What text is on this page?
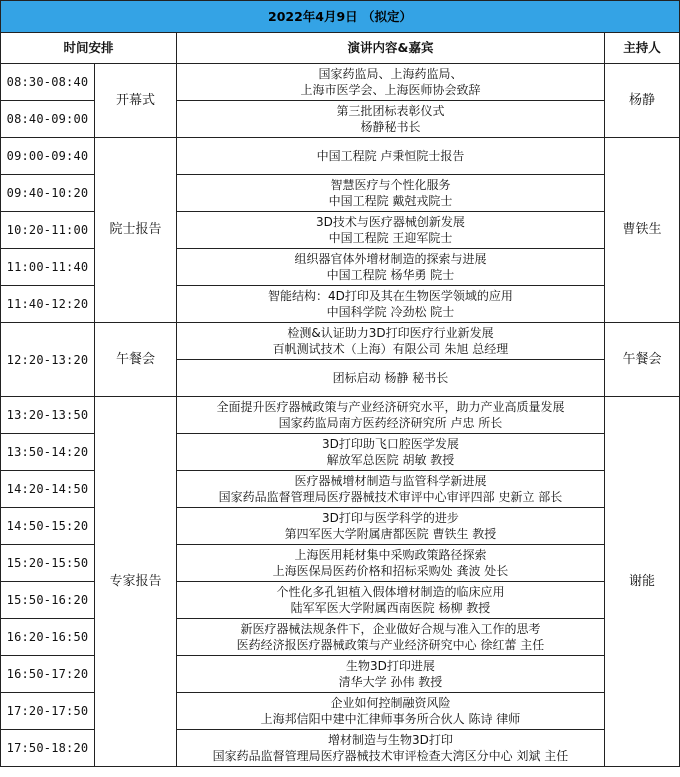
2022年4月9日 （拟定）			
时间安排		演讲内容&嘉宾	主持人
08:30-08:40	开幕式	国家药监局、上海药监局、
上海市医学会、上海医师协会致辞	杨静
08:40-09:00		第三批团标表彰仪式
杨静秘书长	

09:00-09:40	院士报告	中国工程院 卢秉恒院士报告	曹铁生
09:40-10:20		智慧医疗与个性化服务
中国工程院 戴尅戎院士	

10:20-11:00		3D技术与医疗器械创新发展
中国工程院 王迎军院士	

11:00-11:40		组织器官体外增材制造的探索与进展
中国工程院 杨华勇 院士	

11:40-12:20		智能结构：4D打印及其在生物医学领域的应用
中国科学院 冷劲松 院士	

12:20-13:20	午餐会	检测&认证助力3D打印医疗行业新发展
百帆测试技术（上海）有限公司 朱旭 总经理	午餐会

		团标启动 杨静 秘书长	

13:20-13:50	专家报告	全面提升医疗器械政策与产业经济研究水平，助力产业高质量发展
国家药监局南方医药经济研究所 卢忠 所长	谢能
13:50-14:20		3D打印助飞口腔医学发展
解放军总医院 胡敏 教授	

14:20-14:50		医疗器械增材制造与监管科学新进展
国家药品监督管理局医疗器械技术审评中心审评四部 史新立 部长	

14:50-15:20		3D打印与医学科学的进步
第四军医大学附属唐都医院 曹铁生 教授	

15:20-15:50		上海医用耗材集中采购政策路径探索
上海医保局医药价格和招标采购处 龚波 处长	

15:50-16:20		个性化多孔钽植入假体增材制造的临床应用
陆军军医大学附属西南医院 杨柳 教授	

16:20-16:50		新医疗器械法规条件下，企业做好合规与准入工作的思考
医药经济报医疗器械政策与产业经济研究中心 徐红蕾 主任	

16:50-17:20		生物3D打印进展
清华大学 孙伟 教授	

17:20-17:50		企业如何控制融资风险
上海邦信阳中建中汇律师事务所合伙人 陈诗 律师	

17:50-18:20		增材制造与生物3D打印
国家药品监督管理局医疗器械技术审评检查大湾区分中心 刘斌 主任	
